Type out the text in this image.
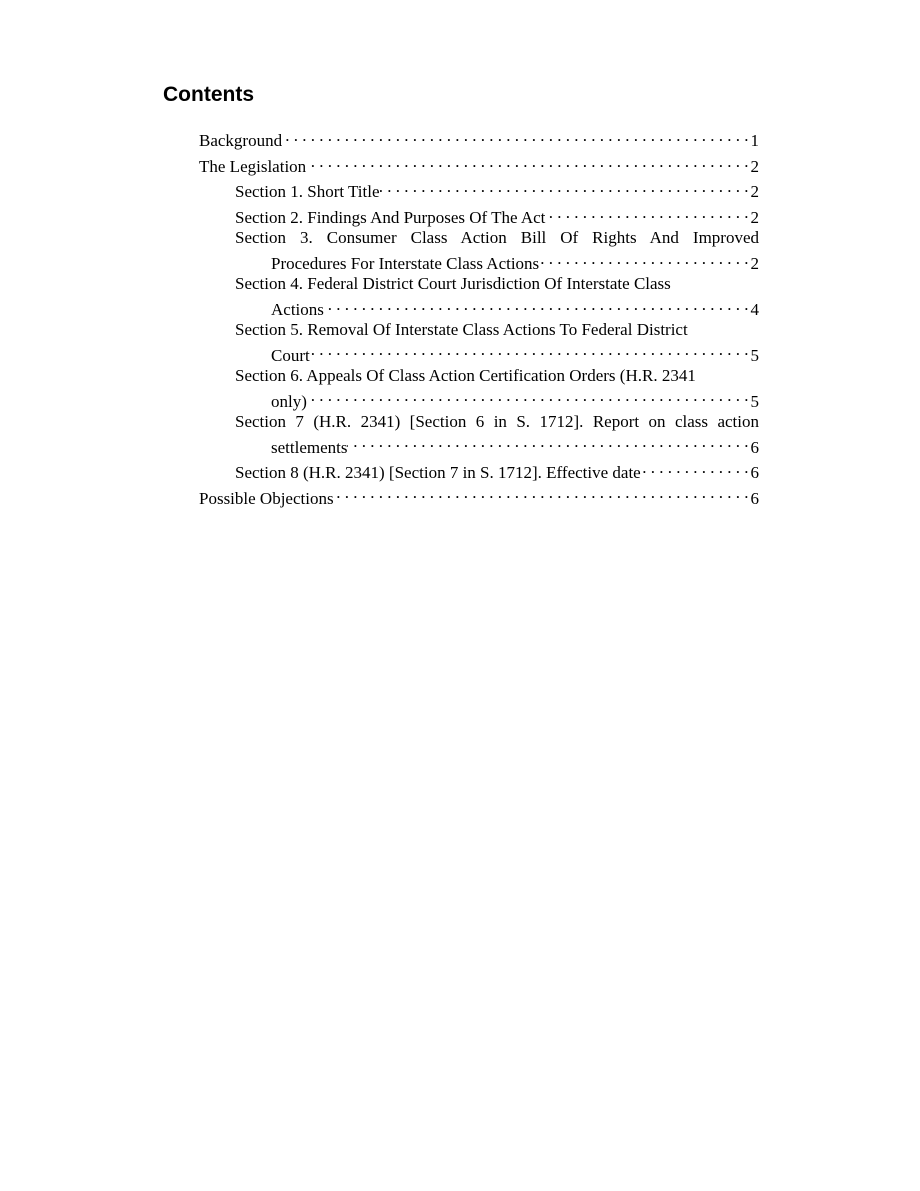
Contents
Background . . .	1
The Legislation . . .	2
Section 1. Short Title . . .	2
Section 2. Findings And Purposes Of The Act . . .	2
Section 3. Consumer Class Action Bill Of Rights And Improved
Procedures For Interstate Class Actions . . .	2
Section 4. Federal District Court Jurisdiction Of Interstate Class
Actions . . .	4
Section 5. Removal Of Interstate Class Actions To Federal District
Court . . .	5
Section 6. Appeals Of Class Action Certification Orders (H.R. 2341
only) . . .	5
Section 7 (H.R. 2341) [Section 6 in S. 1712]. Report on class action
settlements . . .	6
Section 8 (H.R. 2341) [Section 7 in S. 1712]. Effective date . . .	6
Possible Objections . . .	6
